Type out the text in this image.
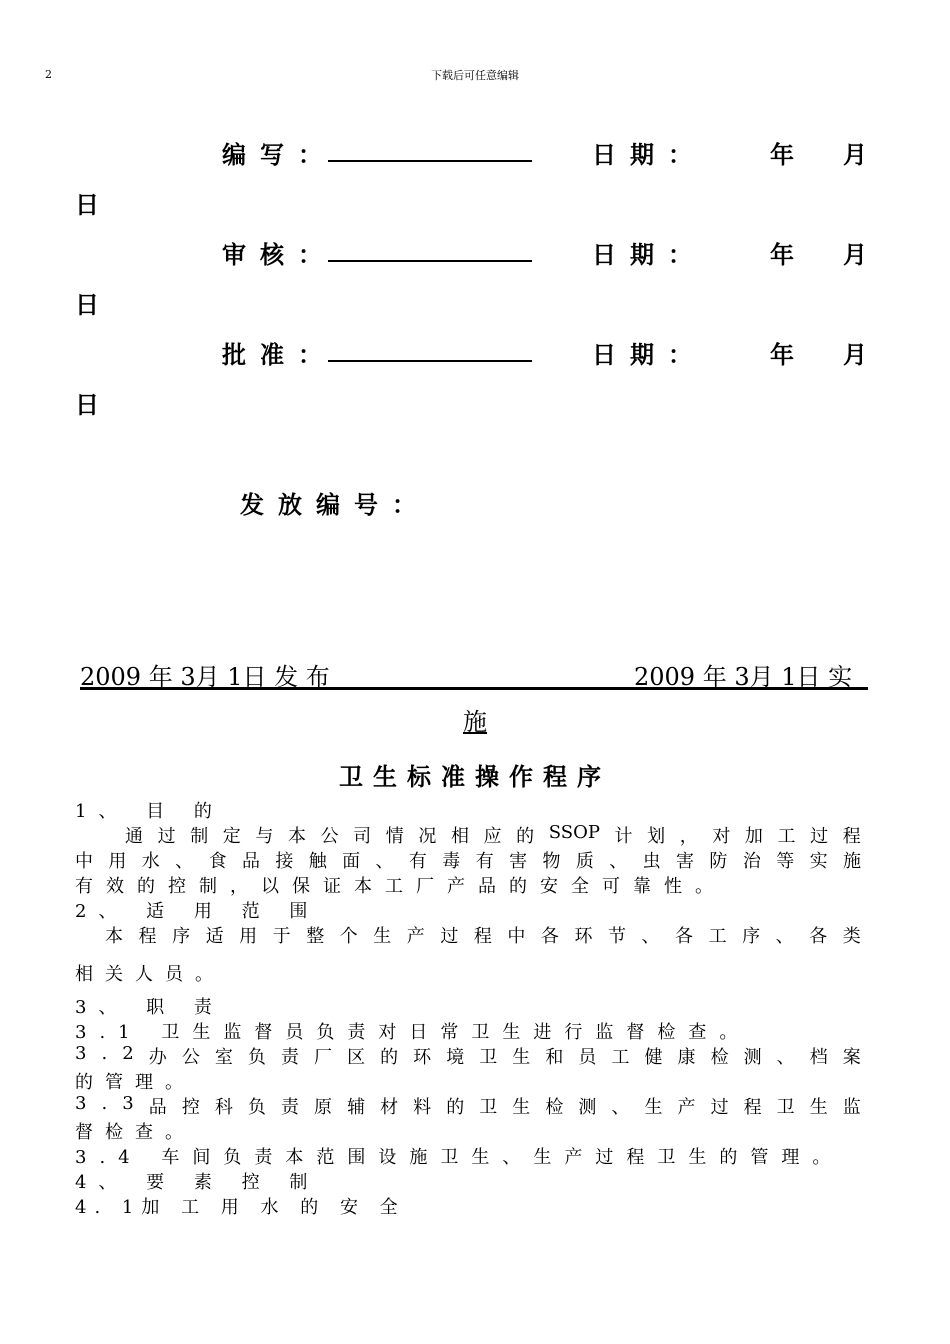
2	下载后可任意编辑
编写：	日期：	年 月
日
审核：	日期：	年 月
日
批准：	日期：	年 月
日
发放编号：
2009 年 3月 1日 发 布	2009 年 3月 1日 实
施
卫生标准操作程序
1、 目 的
通 过 制 定 与 本 公 司 情 况 相 应 的 SSOP 计 划 ， 对 加 工 过 程
中 用 水 、 食 品 接 触 面 、 有 毒 有 害 物 质 、 虫 害 防 治 等 实 施
有效的控制，以保证本工厂产品的安全可靠性。
2、 适 用 范 围
本 程 序 适 用 于 整 个 生 产 过 程 中 各 环 节 、 各 工 序 、 各 类
相关人员。
3、 职 责
3.1 卫生监督员负责对日常卫生进行监督检查。
3 . 2 办 公 室 负 责 厂 区 的 环 境 卫 生 和 员 工 健 康 检 测 、 档 案
的管理。
3 . 3 品 控 科 负 责 原 辅 材 料 的 卫 生 检 测 、 生 产 过 程 卫 生 监
督检查。
3.4 车间负责本范围设施卫生、生产过程卫生的管理。
4、 要 素 控 制
4. 1加 工 用 水 的 安 全
